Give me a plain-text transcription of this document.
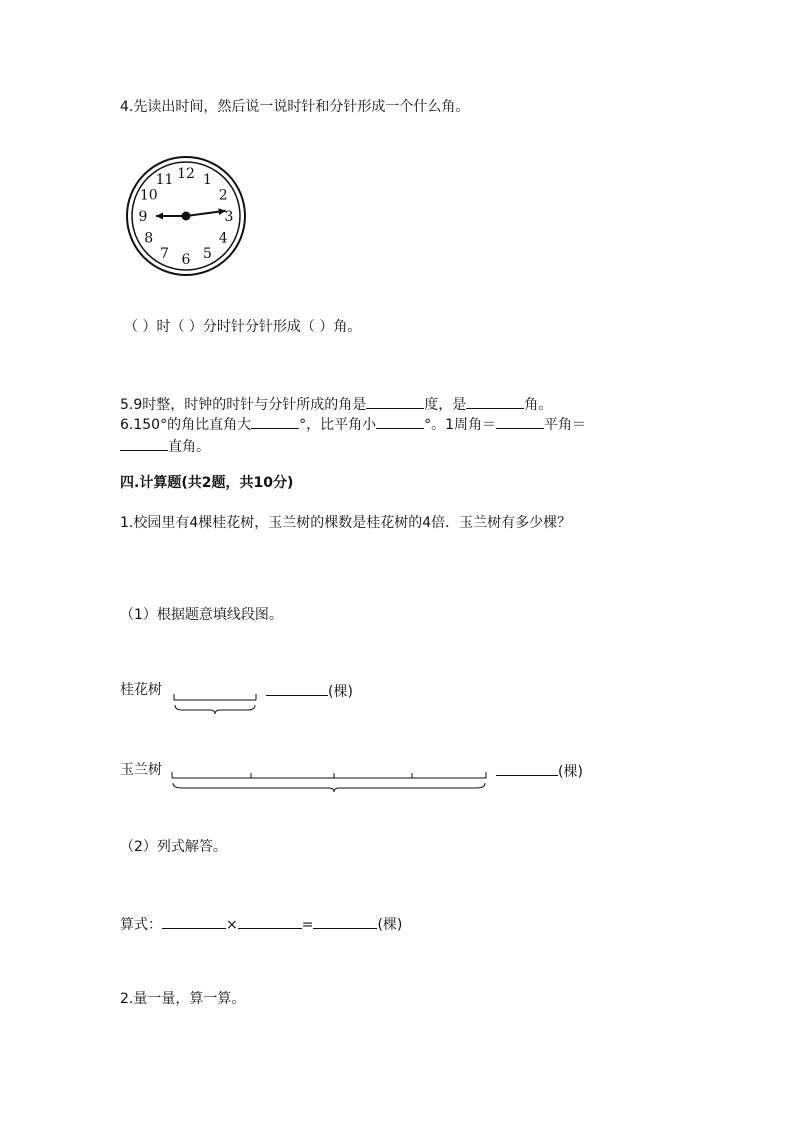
4.先读出时间，然后说一说时针和分针形成一个什么角。
12 1
2
3
4
5
6
7
8
9
10
11
（ ）时（ ）分时针分针形成（ ）角。
5.9时整，时钟的时针与分针所成的角是	度，是	角。
6.150°的角比直角大	°，比平角小	°。1周角＝	平角＝
直角。
四.计算题(共2题，共10分)
1.校园里有4棵桂花树，玉兰树的棵数是桂花树的4倍．玉兰树有多少棵？
（1）根据题意填线段图。
桂花树	(棵)
玉兰树	(棵)
（2）列式解答。
算式：	×	=	(棵)
2.量一量，算一算。
